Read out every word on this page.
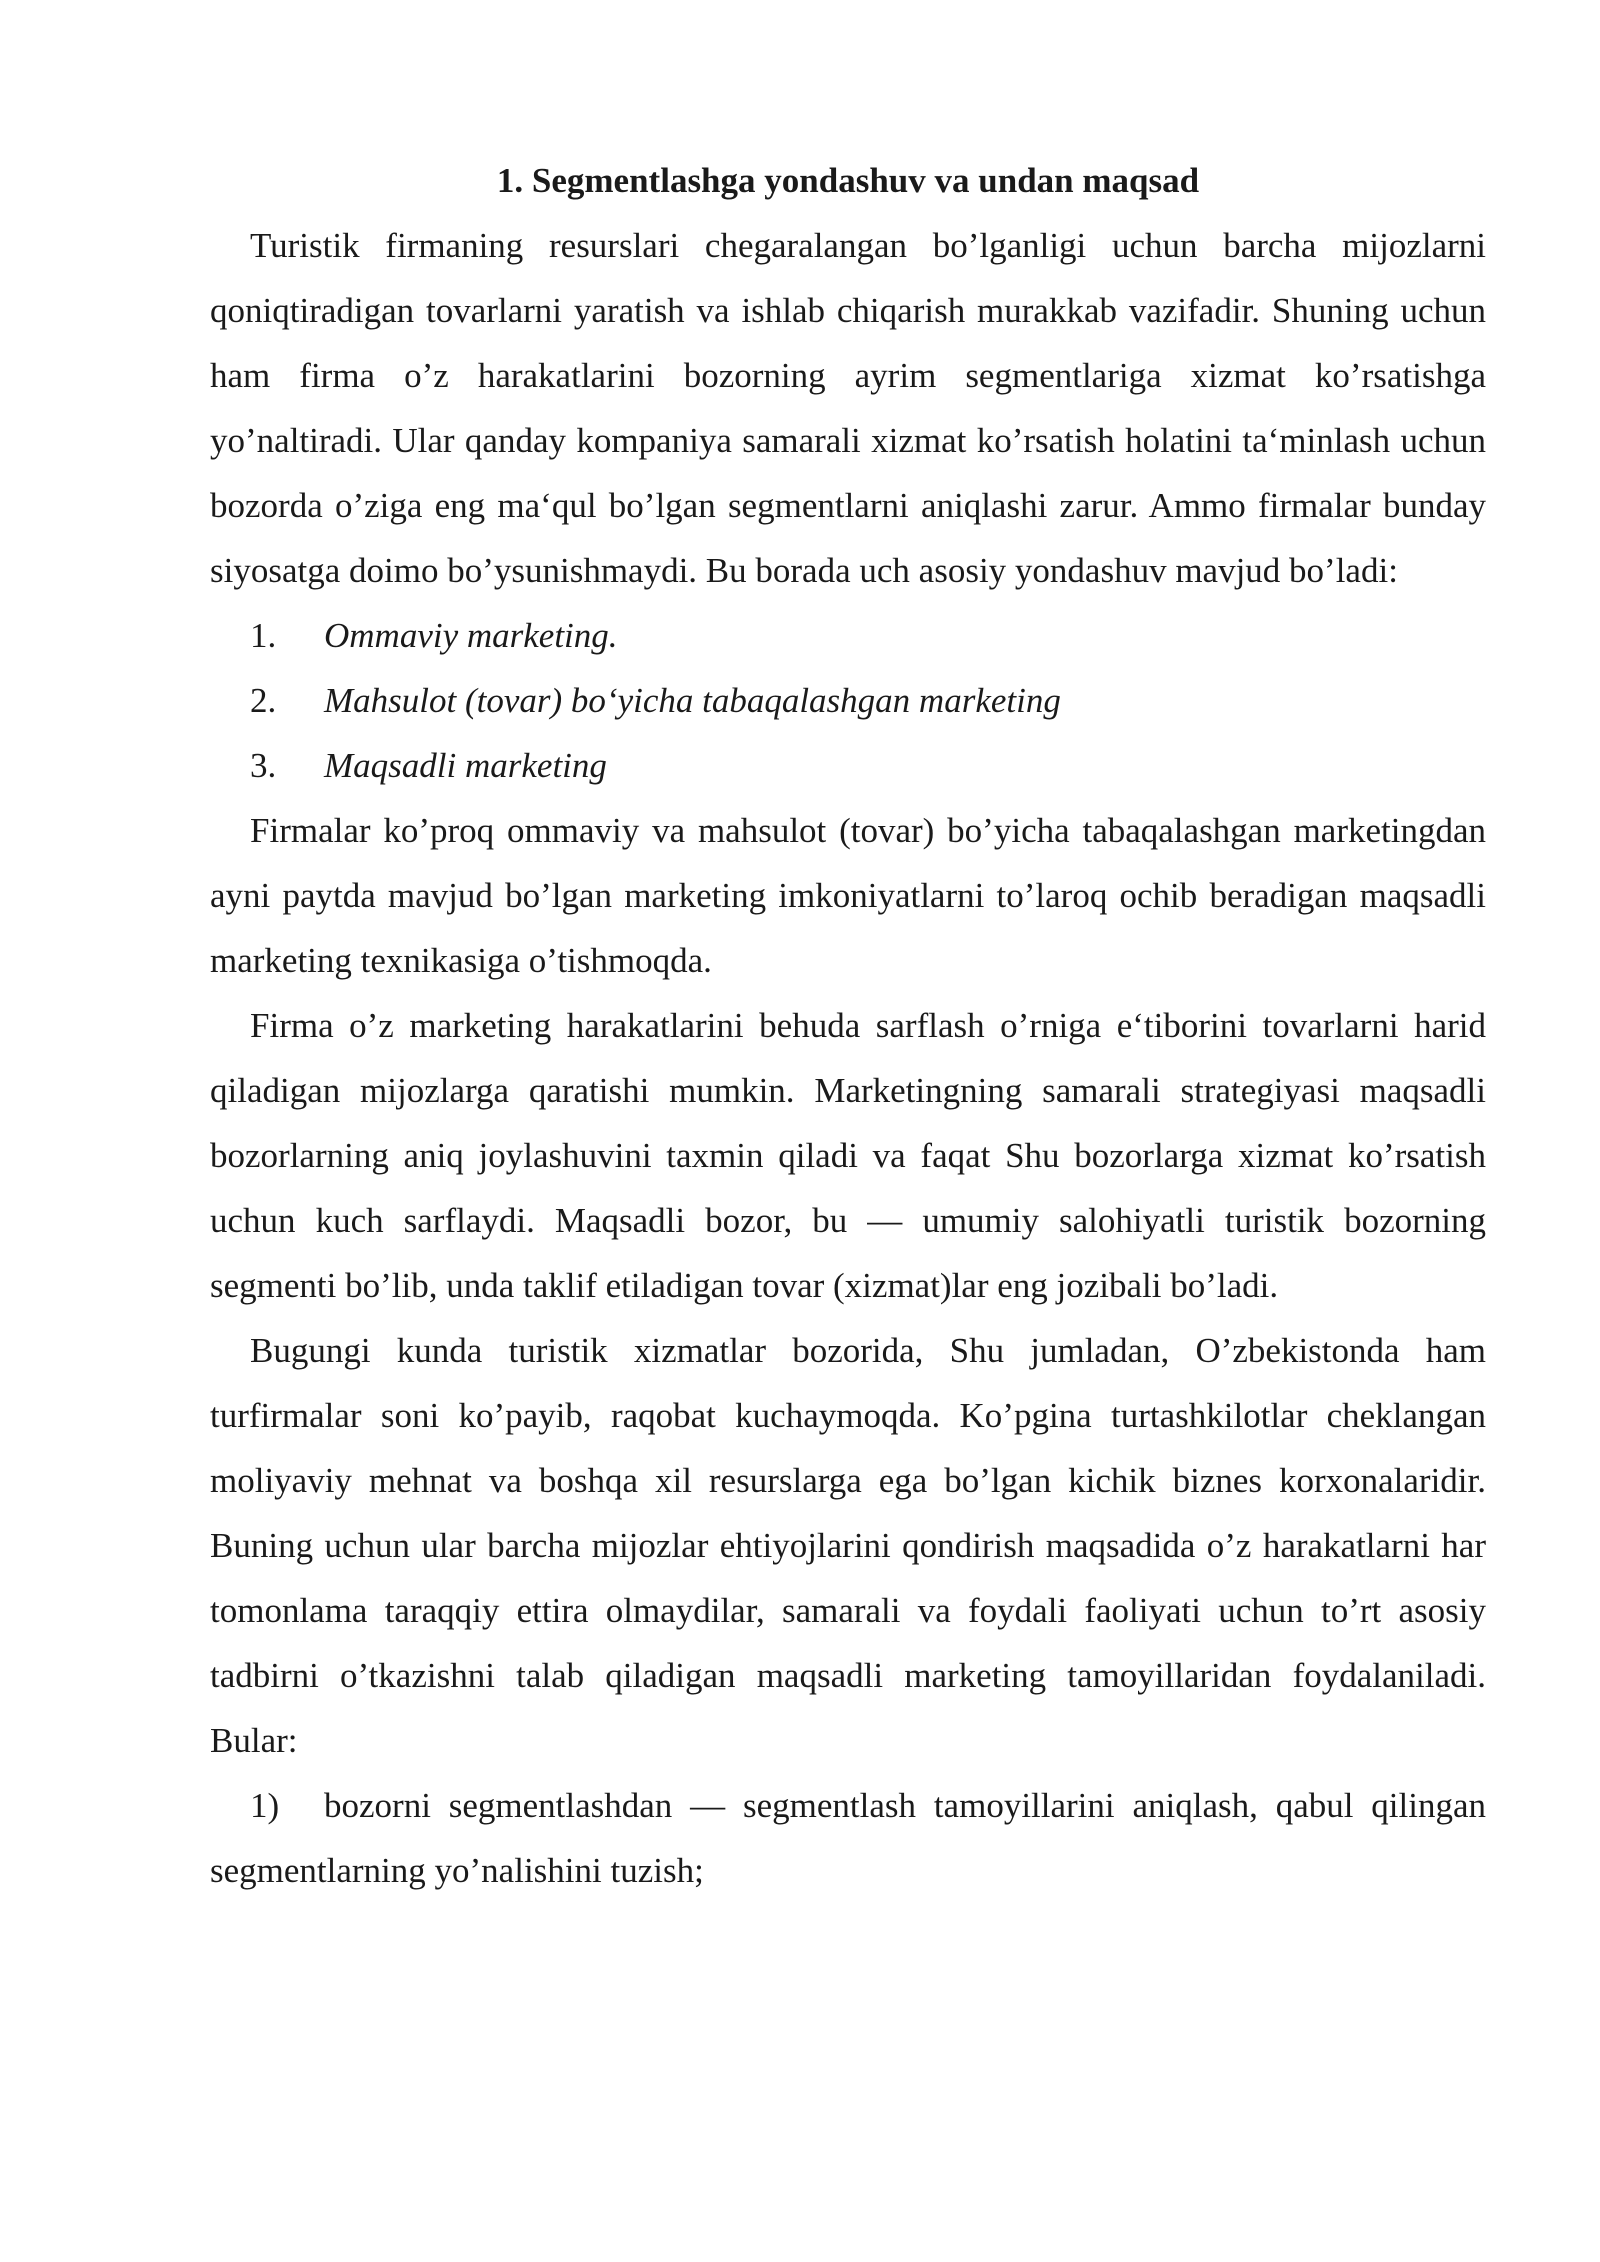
1. Segmentlashga yondashuv va undan maqsad

Turistik firmaning resurslari chegaralangan bo’lganligi uchun barcha mijozlarni qoniqtiradigan tovarlarni yaratish va ishlab chiqarish murakkab vazifadir. Shuning uchun ham firma o’z harakatlarini bozorning ayrim segmentlariga xizmat ko’rsatishga yo’naltiradi. Ular qanday kompaniya samarali xizmat ko’rsatish holatini ta‘minlash uchun bozorda o’ziga eng ma‘qul bo’lgan segmentlarni aniqlashi zarur. Ammo firmalar bunday siyosatga doimo bo’ysunishmaydi. Bu borada uch asosiy yondashuv mavjud bo’ladi:

1.	Ommaviy marketing.
2.	Mahsulot (tovar) bo‘yicha tabaqalashgan marketing
3.	Maqsadli marketing

Firmalar ko’proq ommaviy va mahsulot (tovar) bo’yicha tabaqalashgan marketingdan ayni paytda mavjud bo’lgan marketing imkoniyatlarni to’laroq ochib beradigan maqsadli marketing texnikasiga o’tishmoqda.

Firma o’z marketing harakatlarini behuda sarflash o’rniga e‘tiborini tovarlarni harid qiladigan mijozlarga qaratishi mumkin. Marketingning samarali strategiyasi maqsadli bozorlarning aniq joylashuvini taxmin qiladi va faqat Shu bozorlarga xizmat ko’rsatish uchun kuch sarflaydi. Maqsadli bozor, bu — umumiy salohiyatli turistik bozorning segmenti bo’lib, unda taklif etiladigan tovar (xizmat)lar eng jozibali bo’ladi.

Bugungi kunda turistik xizmatlar bozorida, Shu jumladan, O’zbekistonda ham turfirmalar soni ko’payib, raqobat kuchaymoqda. Ko’pgina turtashkilotlar cheklangan moliyaviy mehnat va boshqa xil resurslarga ega bo’lgan kichik biznes korxonalaridir. Buning uchun ular barcha mijozlar ehtiyojlarini qondirish maqsadida o’z harakatlarni har tomonlama taraqqiy ettira olmaydilar, samarali va foydali faoliyati uchun to’rt asosiy tadbirni o’tkazishni talab qiladigan maqsadli marketing tamoyillaridan foydalaniladi. Bular:

1) bozorni segmentlashdan — segmentlash tamoyillarini aniqlash, qabul qilingan segmentlarning yo’nalishini tuzish;
